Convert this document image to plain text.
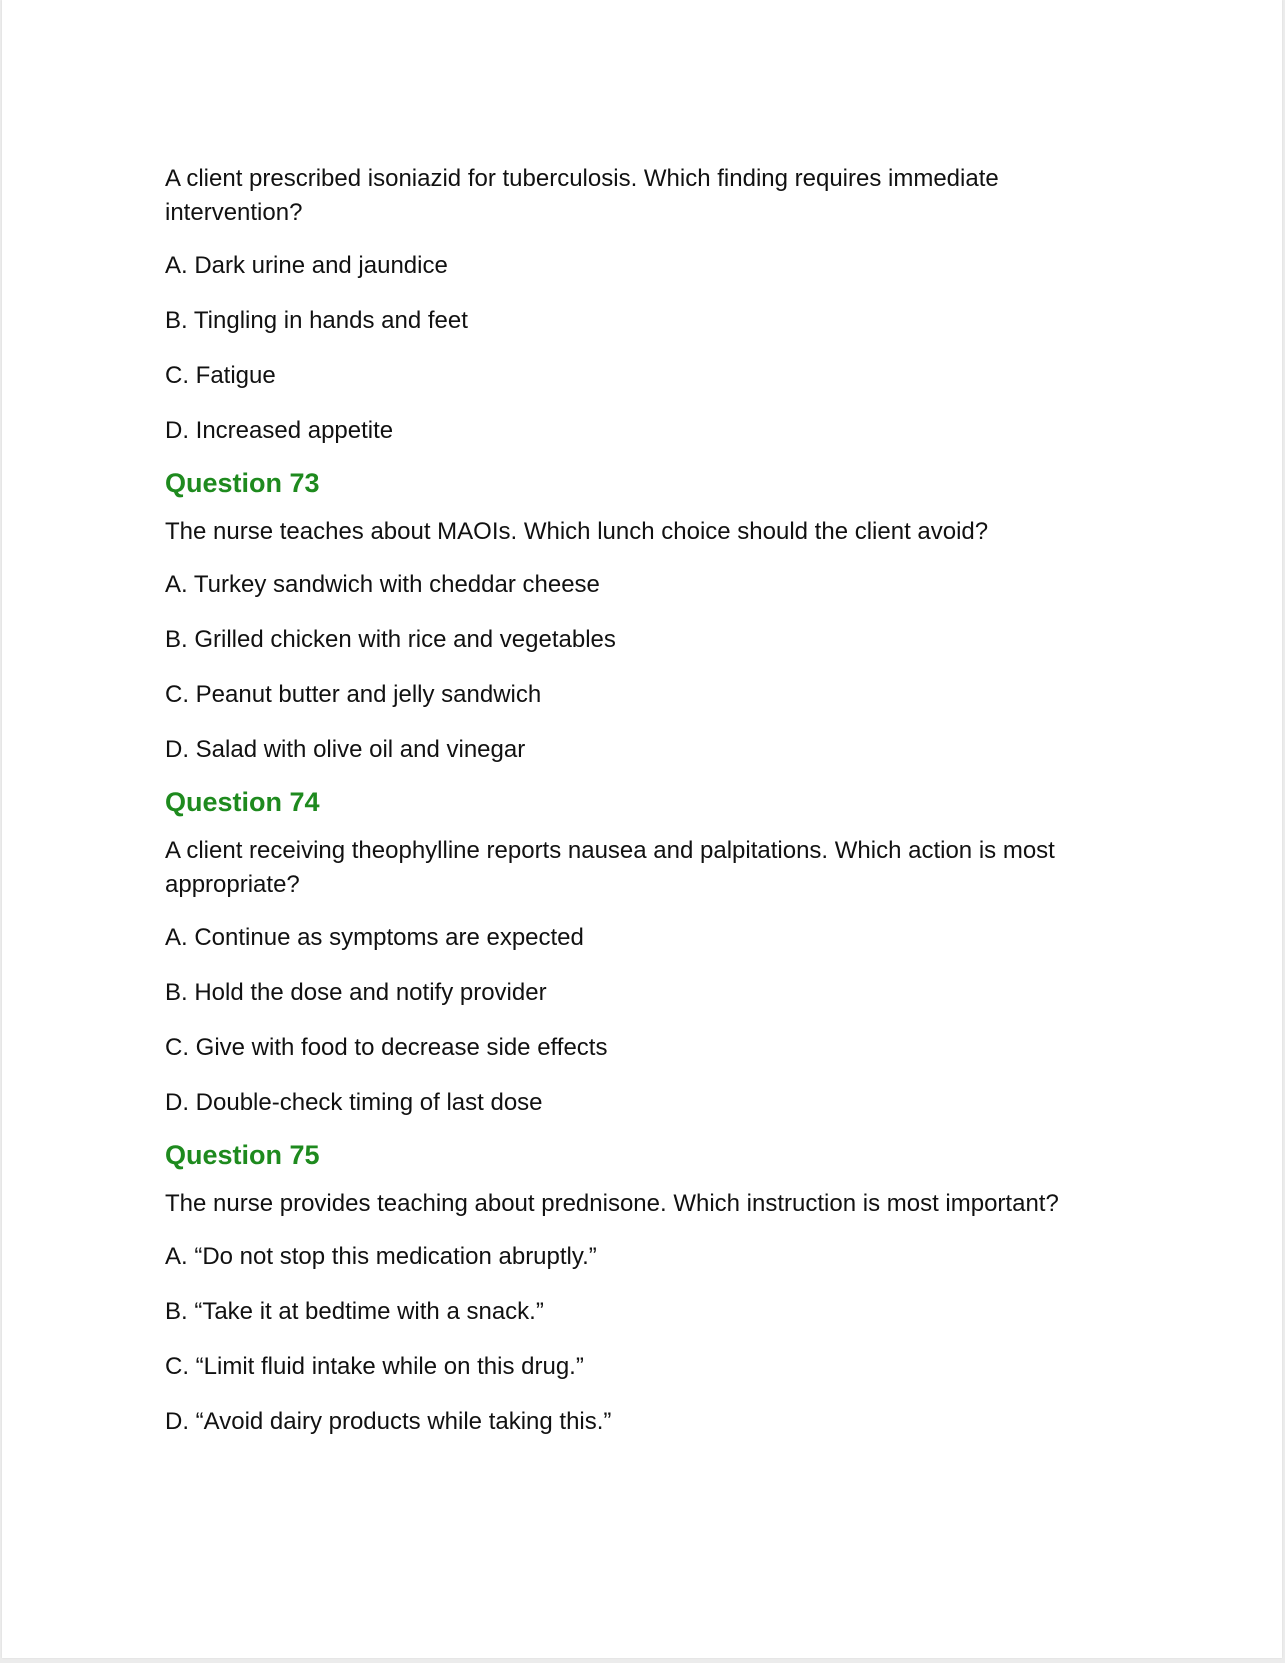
A client prescribed isoniazid for tuberculosis. Which finding requires immediate intervention?

A. Dark urine and jaundice

B. Tingling in hands and feet

C. Fatigue

D. Increased appetite

Question 73

The nurse teaches about MAOIs. Which lunch choice should the client avoid?

A. Turkey sandwich with cheddar cheese

B. Grilled chicken with rice and vegetables

C. Peanut butter and jelly sandwich

D. Salad with olive oil and vinegar

Question 74

A client receiving theophylline reports nausea and palpitations. Which action is most appropriate?

A. Continue as symptoms are expected

B. Hold the dose and notify provider

C. Give with food to decrease side effects

D. Double-check timing of last dose

Question 75

The nurse provides teaching about prednisone. Which instruction is most important?

A. “Do not stop this medication abruptly.”

B. “Take it at bedtime with a snack.”

C. “Limit fluid intake while on this drug.”

D. “Avoid dairy products while taking this.”
